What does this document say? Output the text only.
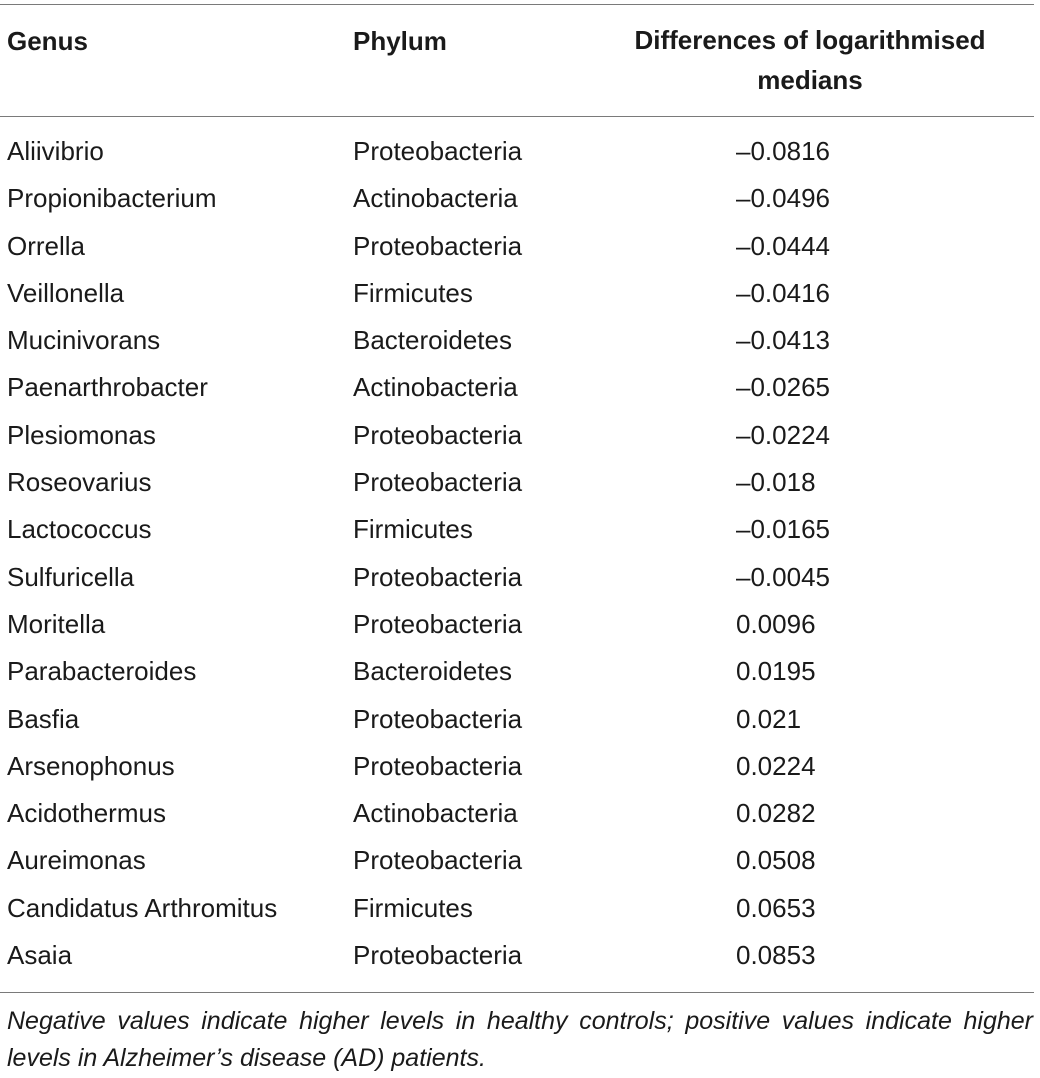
Genus	Phylum	Differences of logarithmised
medians
Aliivibrio	Proteobacteria	–0.0816
Propionibacterium	Actinobacteria	–0.0496
Orrella	Proteobacteria	–0.0444
Veillonella	Firmicutes	–0.0416
Mucinivorans	Bacteroidetes	–0.0413
Paenarthrobacter	Actinobacteria	–0.0265
Plesiomonas	Proteobacteria	–0.0224
Roseovarius	Proteobacteria	–0.018
Lactococcus	Firmicutes	–0.0165
Sulfuricella	Proteobacteria	–0.0045
Moritella	Proteobacteria	0.0096
Parabacteroides	Bacteroidetes	0.0195
Basfia	Proteobacteria	0.021
Arsenophonus	Proteobacteria	0.0224
Acidothermus	Actinobacteria	0.0282
Aureimonas	Proteobacteria	0.0508
Candidatus Arthromitus	Firmicutes	0.0653
Asaia	Proteobacteria	0.0853
Negative values indicate higher levels in healthy controls; positive values indicate higher levels in Alzheimer’s disease (AD) patients.
